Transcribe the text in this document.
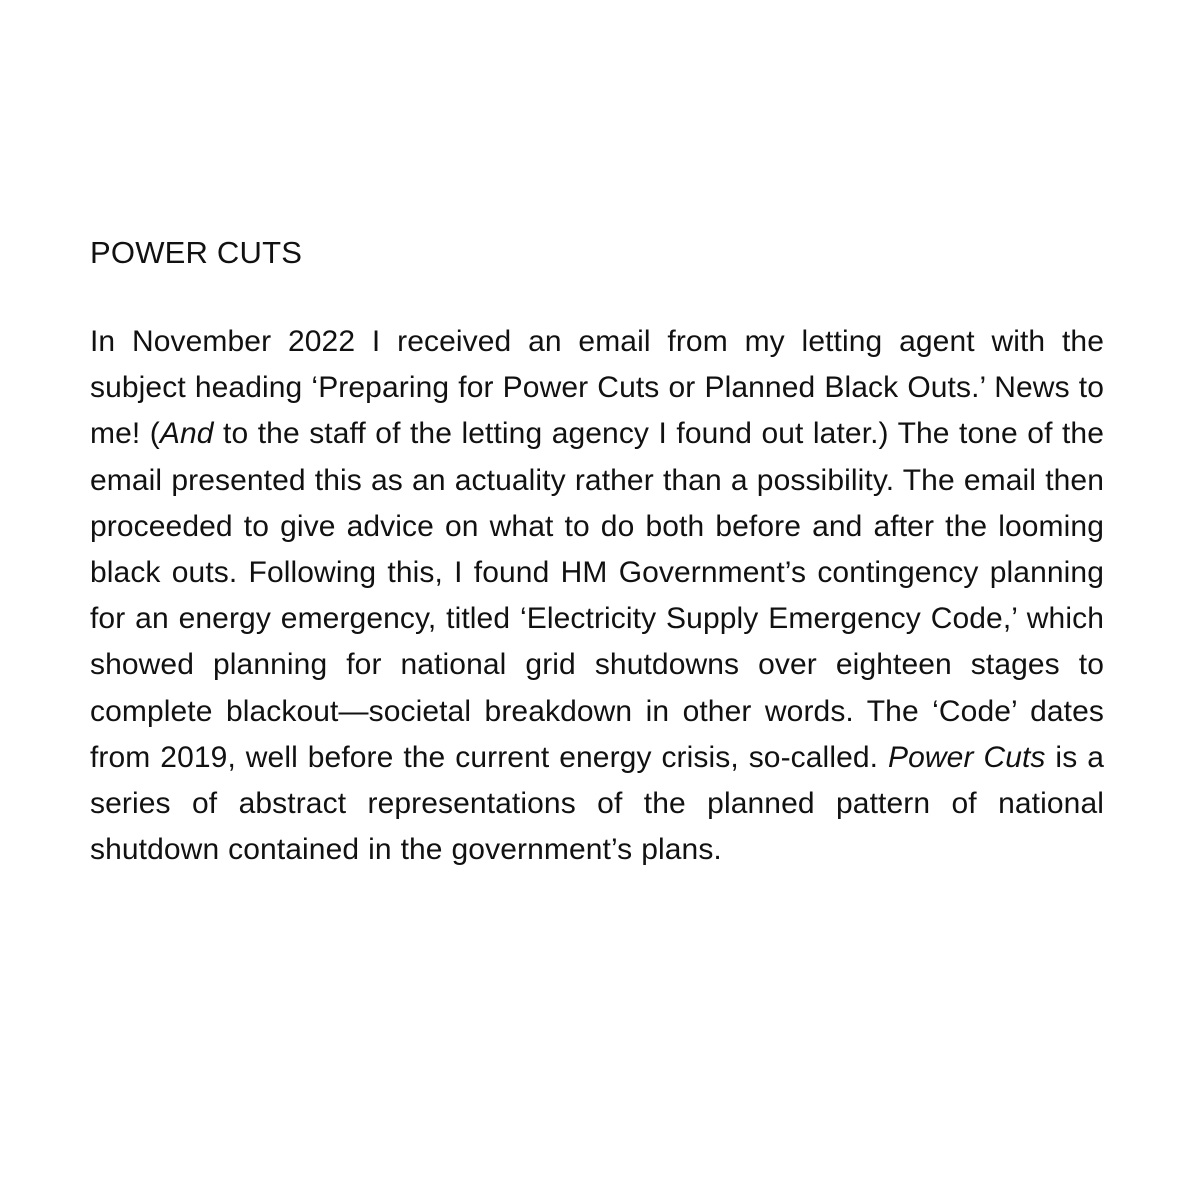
POWER CUTS

In November 2022 I received an email from my letting agent with the subject heading ‘Preparing for Power Cuts or Planned Black Outs.’ News to me! (And to the staff of the letting agency I found out later.) The tone of the email presented this as an actuality rather than a possibility. The email then proceeded to give advice on what to do both before and after the looming black outs. Following this, I found HM Government’s contingency planning for an energy emergency, titled ‘Electricity Supply Emergency Code,’ which showed planning for national grid shutdowns over eighteen stages to complete blackout—societal breakdown in other words. The ‘Code’ dates from 2019, well before the current energy crisis, so-called. Power Cuts is a series of abstract representations of the planned pattern of national shutdown contained in the government’s plans.
